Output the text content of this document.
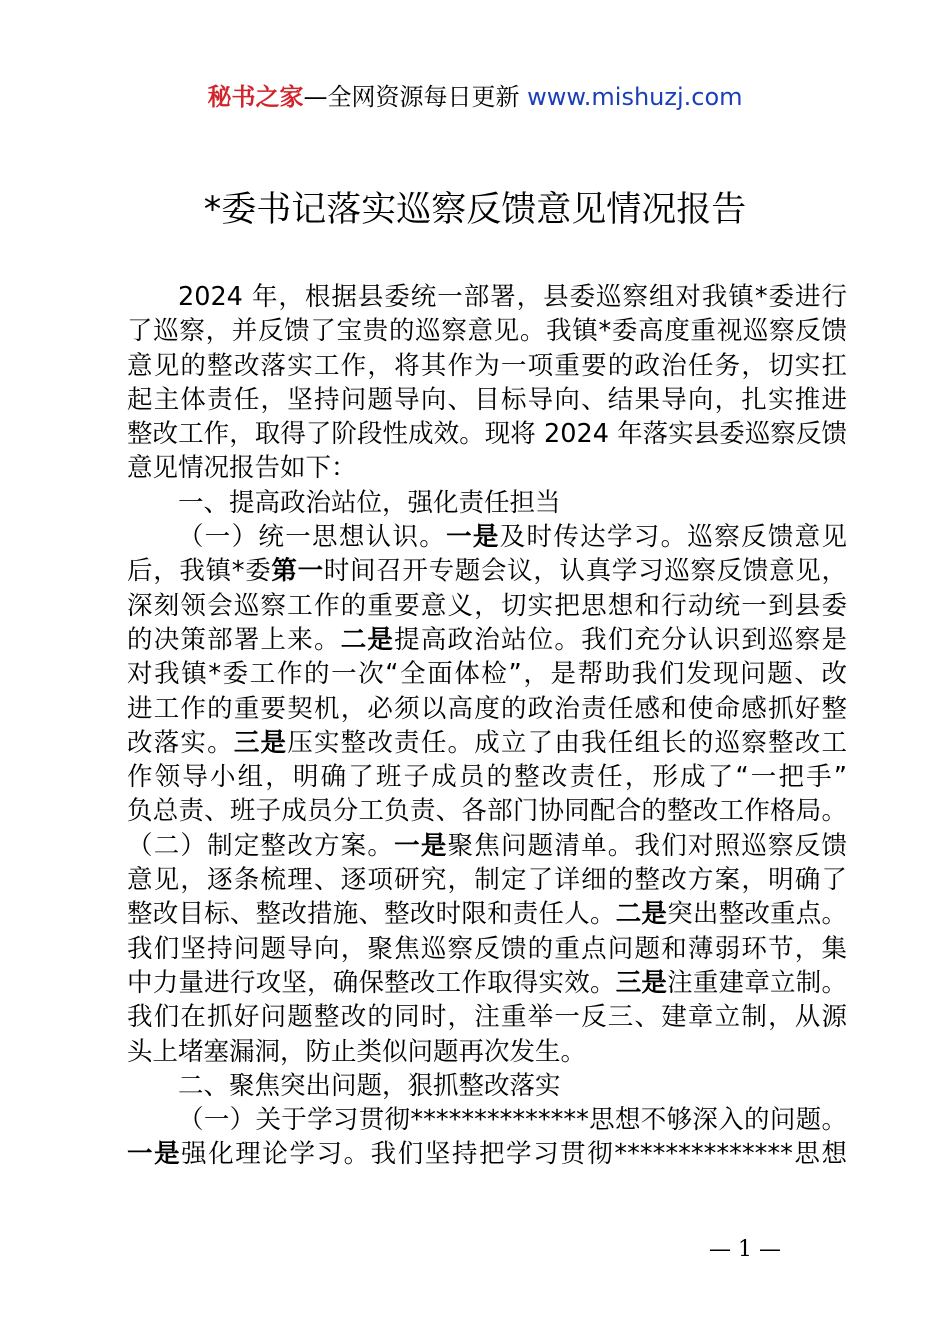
秘书之家—全网资源每日更新 www.mishuzj.com
*委书记落实巡察反馈意见情况报告
2024 年，根据县委统一部署，县委巡察组对我镇*委进行
了巡察，并反馈了宝贵的巡察意见。我镇*委高度重视巡察反馈
意见的整改落实工作，将其作为一项重要的政治任务，切实扛
起主体责任，坚持问题导向、目标导向、结果导向，扎实推进
整改工作，取得了阶段性成效。现将 2024 年落实县委巡察反馈
意见情况报告如下：
一、提高政治站位，强化责任担当
（一）统一思想认识。一是及时传达学习。巡察反馈意见
后，我镇*委第一时间召开专题会议，认真学习巡察反馈意见，
深刻领会巡察工作的重要意义，切实把思想和行动统一到县委
的决策部署上来。二是提高政治站位。我们充分认识到巡察是
对我镇*委工作的一次“全面体检”，是帮助我们发现问题、改
进工作的重要契机，必须以高度的政治责任感和使命感抓好整
改落实。三是压实整改责任。成立了由我任组长的巡察整改工
作领导小组，明确了班子成员的整改责任，形成了“一把手”
负总责、班子成员分工负责、各部门协同配合的整改工作格局。
（二）制定整改方案。一是聚焦问题清单。我们对照巡察反馈
意见，逐条梳理、逐项研究，制定了详细的整改方案，明确了
整改目标、整改措施、整改时限和责任人。二是突出整改重点。
我们坚持问题导向，聚焦巡察反馈的重点问题和薄弱环节，集
中力量进行攻坚，确保整改工作取得实效。三是注重建章立制。
我们在抓好问题整改的同时，注重举一反三、建章立制，从源
头上堵塞漏洞，防止类似问题再次发生。
二、聚焦突出问题，狠抓整改落实
（一）关于学习贯彻**************思想不够深入的问题。
一是强化理论学习。我们坚持把学习贯彻**************思想
— 1 —
